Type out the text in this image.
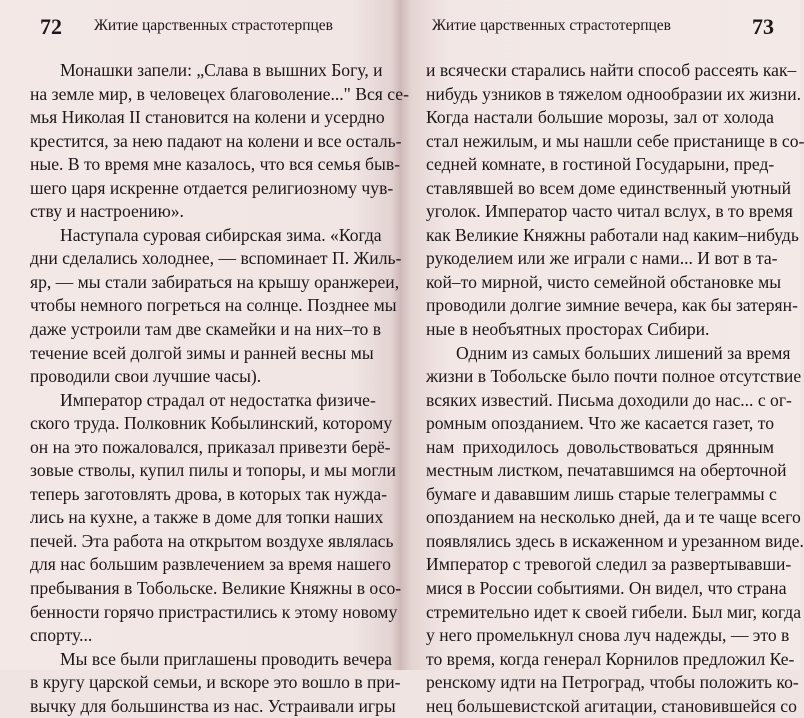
72 Житие царственных страстотерпцев
Монашки запели: „Слава в вышних Богу, и
на земле мир, в человецех благоволение..." Вся се-
мья Николая II становится на колени и усердно
крестится, за нею падают на колени и все осталь-
ные. В то время мне казалось, что вся семья быв-
шего царя искренне отдается религиозному чув-
ству и настроению».
Наступала суровая сибирская зима. «Когда
дни сделались холоднее, — вспоминает П. Жиль-
яр, — мы стали забираться на крышу оранжереи,
чтобы немного погреться на солнце. Позднее мы
даже устроили там две скамейки и на них–то в
течение всей долгой зимы и ранней весны мы
проводили свои лучшие часы).
Император страдал от недостатка физиче-
ского труда. Полковник Кобылинский, которому
он на это пожаловался, приказал привезти берё-
зовые стволы, купил пилы и топоры, и мы могли
теперь заготовлять дрова, в которых так нужда-
лись на кухне, а также в доме для топки наших
печей. Эта работа на открытом воздухе являлась
для нас большим развлечением за время нашего
пребывания в Тобольске. Великие Княжны в осо-
бенности горячо пристрастились к этому новому
спорту...
Мы все были приглашены проводить вечера
в кругу царской семьи, и вскоре это вошло в при-
вычку для большинства из нас. Устраивали игры
Житие царственных страстотерпцев	73
и всячески старались найти способ рассеять как–
нибудь узников в тяжелом однообразии их жизни.
Когда настали большие морозы, зал от холода
стал нежилым, и мы нашли себе пристанище в со-
седней комнате, в гостиной Государыни, пред-
ставлявшей во всем доме единственный уютный
уголок. Император часто читал вслух, в то время
как Великие Княжны работали над каким–нибудь
рукоделием или же играли с нами... И вот в та-
кой–то мирной, чисто семейной обстановке мы
проводили долгие зимние вечера, как бы затерян-
ные в необъятных просторах Сибири.
Одним из самых больших лишений за время
жизни в Тобольске было почти полное отсутствие
всяких известий. Письма доходили до нас... с ог-
ромным опозданием. Что же касается газет, то
нам приходилось довольствоваться дрянным
местным листком, печатавшимся на оберточной
бумаге и дававшим лишь старые телеграммы с
опозданием на несколько дней, да и те чаще всего
появлялись здесь в искаженном и урезанном виде.
Император с тревогой следил за развертывавши-
мися в России событиями. Он видел, что страна
стремительно идет к своей гибели. Был миг, когда
у него промелькнул снова луч надежды, — это в
то время, когда генерал Корнилов предложил Ке-
ренскому идти на Петроград, чтобы положить ко-
нец большевистской агитации, становившейся со
